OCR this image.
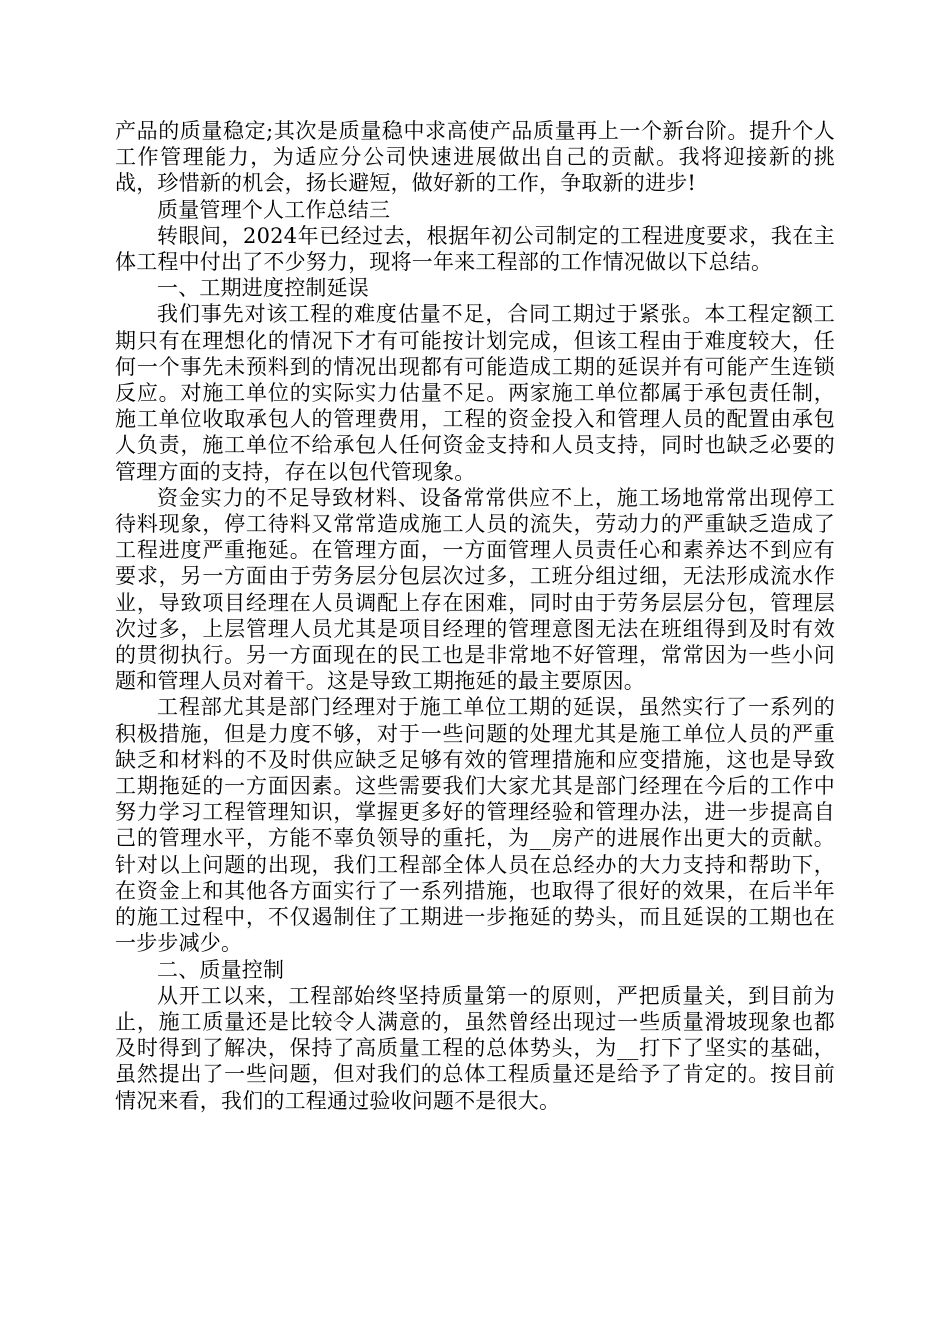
产品的质量稳定;其次是质量稳中求高使产品质量再上一个新台阶。提升个人工作管理能力，为适应分公司快速进展做出自己的贡献。我将迎接新的挑战，珍惜新的机会，扬长避短，做好新的工作，争取新的进步!

质量管理个人工作总结三

转眼间，2024年已经过去，根据年初公司制定的工程进度要求，我在主体工程中付出了不少努力，现将一年来工程部的工作情况做以下总结。

一、工期进度控制延误

我们事先对该工程的难度估量不足，合同工期过于紧张。本工程定额工期只有在理想化的情况下才有可能按计划完成，但该工程由于难度较大，任何一个事先未预料到的情况出现都有可能造成工期的延误并有可能产生连锁反应。对施工单位的实际实力估量不足。两家施工单位都属于承包责任制，施工单位收取承包人的管理费用，工程的资金投入和管理人员的配置由承包人负责，施工单位不给承包人任何资金支持和人员支持，同时也缺乏必要的管理方面的支持，存在以包代管现象。

资金实力的不足导致材料、设备常常供应不上，施工场地常常出现停工待料现象，停工待料又常常造成施工人员的流失，劳动力的严重缺乏造成了工程进度严重拖延。在管理方面，一方面管理人员责任心和素养达不到应有要求，另一方面由于劳务层分包层次过多，工班分组过细，无法形成流水作业，导致项目经理在人员调配上存在困难，同时由于劳务层层分包，管理层次过多，上层管理人员尤其是项目经理的管理意图无法在班组得到及时有效的贯彻执行。另一方面现在的民工也是非常地不好管理，常常因为一些小问题和管理人员对着干。这是导致工期拖延的最主要原因。

工程部尤其是部门经理对于施工单位工期的延误，虽然实行了一系列的积极措施，但是力度不够，对于一些问题的处理尤其是施工单位人员的严重缺乏和材料的不及时供应缺乏足够有效的管理措施和应变措施，这也是导致工期拖延的一方面因素。这些需要我们大家尤其是部门经理在今后的工作中努力学习工程管理知识，掌握更多好的管理经验和管理办法，进一步提高自己的管理水平，方能不辜负领导的重托，为__房产的进展作出更大的贡献。针对以上问题的出现，我们工程部全体人员在总经办的大力支持和帮助下，在资金上和其他各方面实行了一系列措施，也取得了很好的效果，在后半年的施工过程中，不仅遏制住了工期进一步拖延的势头，而且延误的工期也在一步步减少。

二、质量控制

从开工以来，工程部始终坚持质量第一的原则，严把质量关，到目前为止，施工质量还是比较令人满意的，虽然曾经出现过一些质量滑坡现象也都及时得到了解决，保持了高质量工程的总体势头，为__打下了坚实的基础，虽然提出了一些问题，但对我们的总体工程质量还是给予了肯定的。按目前情况来看，我们的工程通过验收问题不是很大。
